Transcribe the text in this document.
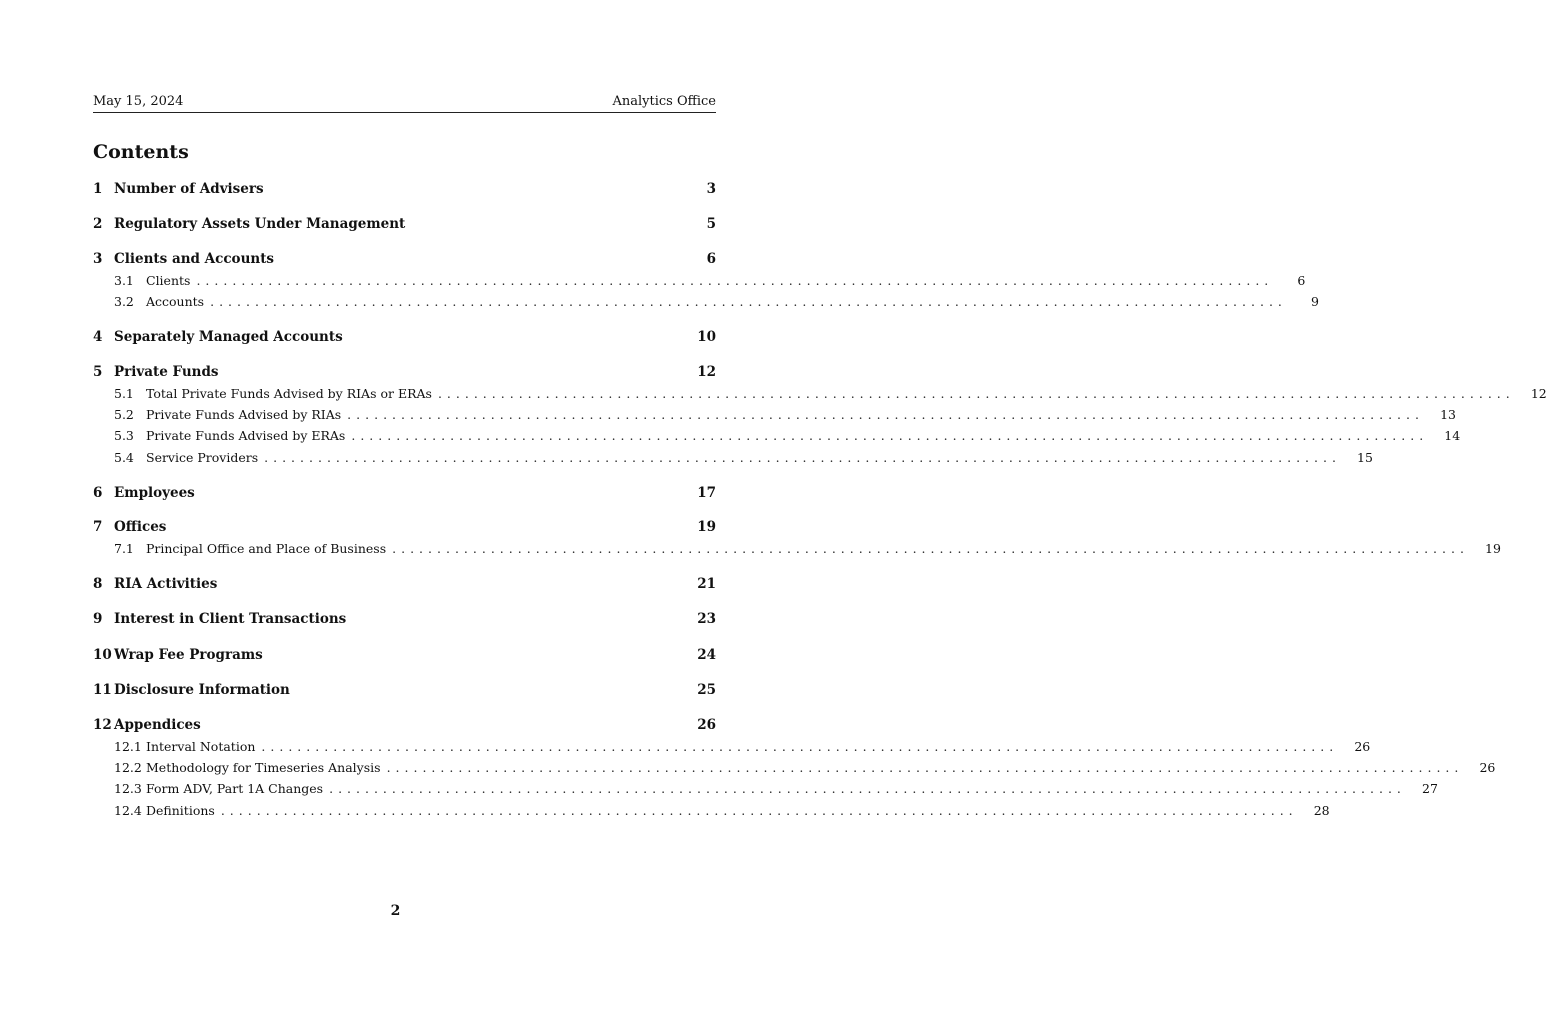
May 15, 2024	Analytics Office
Contents
1 Number of Advisers	3
2 Regulatory Assets Under Management	5
3 Clients and Accounts	6
3.1 Clients ........................................................................................................................	6
3.2 Accounts ........................................................................................................................	9
4 Separately Managed Accounts	10
5 Private Funds	12
5.1 Total Private Funds Advised by RIAs or ERAs ........................................................................................................................	12
5.2 Private Funds Advised by RIAs ........................................................................................................................	13
5.3 Private Funds Advised by ERAs ........................................................................................................................	14
5.4 Service Providers ........................................................................................................................	15
6 Employees	17
7 Offices	19
7.1 Principal Office and Place of Business ........................................................................................................................	19
8 RIA Activities	21
9 Interest in Client Transactions	23
10 Wrap Fee Programs	24
11 Disclosure Information	25
12 Appendices	26
12.1 Interval Notation ........................................................................................................................	26
12.2 Methodology for Timeseries Analysis ........................................................................................................................	26
12.3 Form ADV, Part 1A Changes ........................................................................................................................	27
12.4 Definitions ........................................................................................................................	28
2
